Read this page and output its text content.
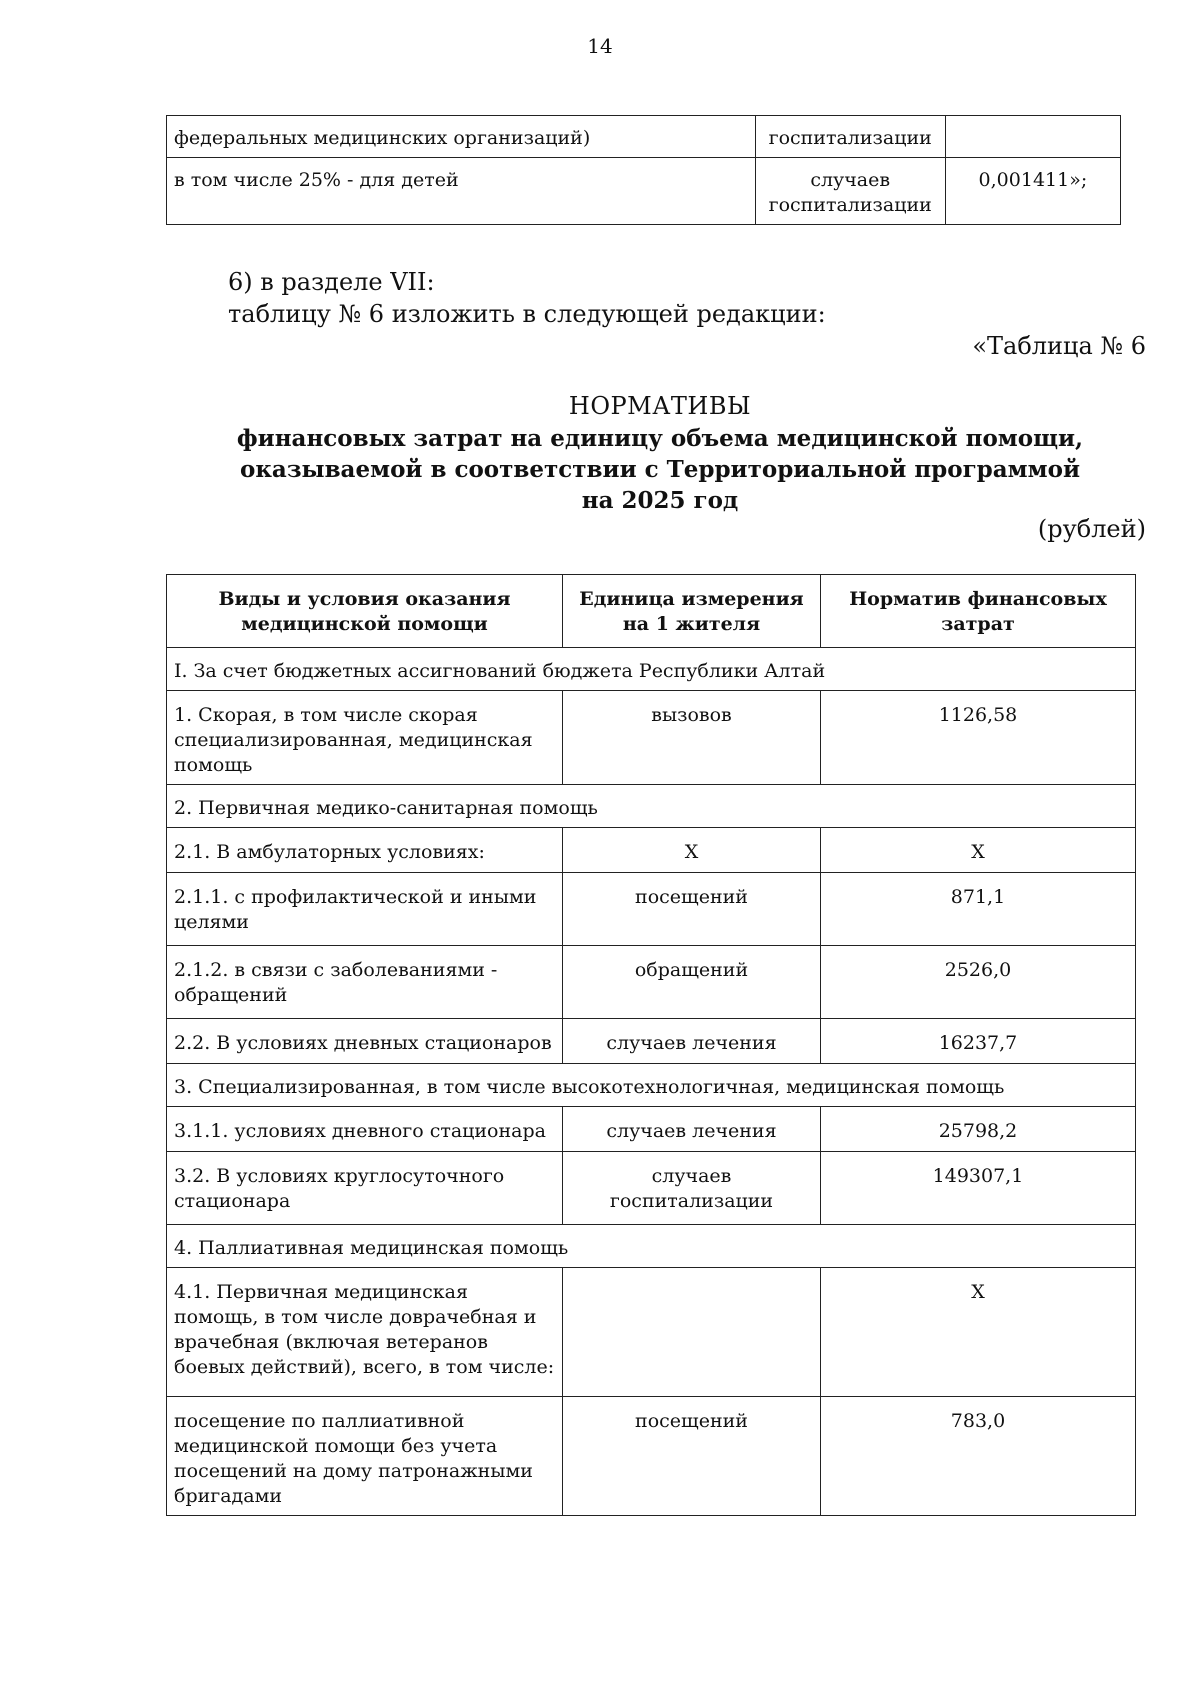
14
федеральных медицинских организаций)	госпитализации	
в том числе 25% - для детей	случаев госпитализации	0,001411»;
6) в разделе VII:
таблицу № 6 изложить в следующей редакции:
«Таблица № 6
НОРМАТИВЫ
финансовых затрат на единицу объема медицинской помощи,
оказываемой в соответствии с Территориальной программой
на 2025 год
(рублей)
Виды и условия оказания медицинской помощи	Единица измерения на 1 жителя	Норматив финансовых затрат
I. За счет бюджетных ассигнований бюджета Республики Алтай		
1. Скорая, в том числе скорая специализированная, медицинская помощь	вызовов	1126,58
2. Первичная медико-санитарная помощь		
2.1. В амбулаторных условиях:	Х	Х
2.1.1. с профилактической и иными целями	посещений	871,1
2.1.2. в связи с заболеваниями - обращений	обращений	2526,0
2.2. В условиях дневных стационаров	случаев лечения	16237,7
3. Специализированная, в том числе высокотехнологичная, медицинская помощь		
3.1.1. условиях дневного стационара	случаев лечения	25798,2
3.2. В условиях круглосуточного стационара	случаев госпитализации	149307,1
4. Паллиативная медицинская помощь		
4.1. Первичная медицинская помощь, в том числе доврачебная и врачебная (включая ветеранов боевых действий), всего, в том числе:		Х
посещение по паллиативной медицинской помощи без учета посещений на дому патронажными бригадами	посещений	783,0
